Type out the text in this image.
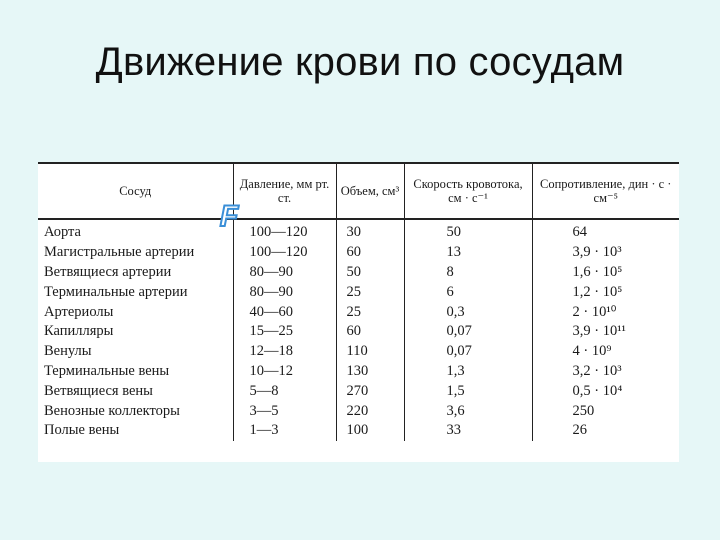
Движение крови по сосудам
Сосуд	Давление, мм рт. ст.	Объем, см³	Скорость кровотока, см · с⁻¹	Сопротивление, дин · с · см⁻⁵
Аорта	100—120	30	50	64
Магистральные артерии	100—120	60	13	3,9 · 10³
Ветвящиеся артерии	80—90	50	8	1,6 · 10⁵
Терминальные артерии	80—90	25	6	1,2 · 10⁵
Артериолы	40—60	25	0,3	2 · 10¹⁰
Капилляры	15—25	60	0,07	3,9 · 10¹¹
Венулы	12—18	110	0,07	4 · 10⁹
Терминальные вены	10—12	130	1,3	3,2 · 10³
Ветвящиеся вены	5—8	270	1,5	0,5 · 10⁴
Венозные коллекторы	3—5	220	3,6	250
Полые вены	1—3	100	33	26
F
